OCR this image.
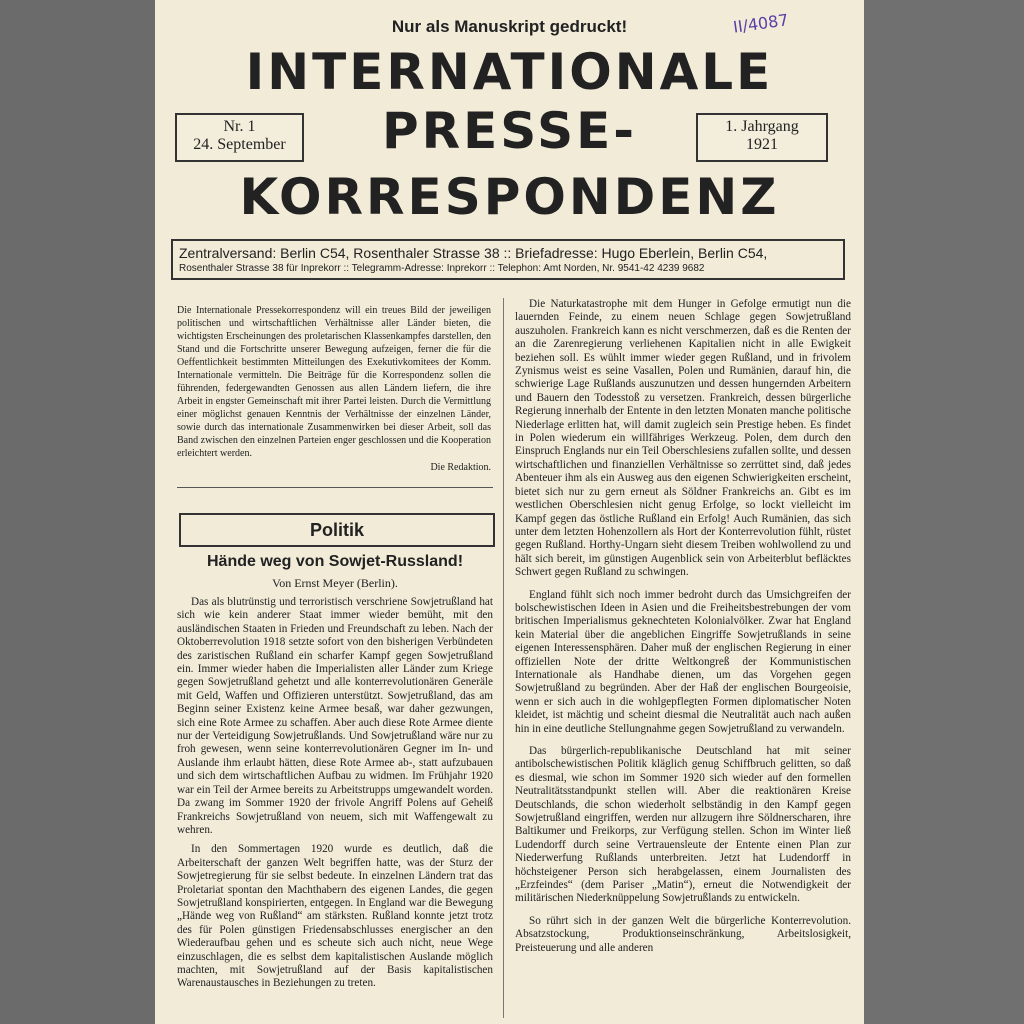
Nur als Manuskript gedruckt!	II/4087
INTERNATIONALE
PRESSE-
KORRESPONDENZ
Nr. 1
24. September
1. Jahrgang
1921
Zentralversand: Berlin C54, Rosenthaler Strasse 38 :: Briefadresse: Hugo Eberlein, Berlin C54,
Rosenthaler Strasse 38 für Inprekorr :: Telegramm-Adresse: Inprekorr :: Telephon: Amt Norden, Nr. 9541-42 4239 9682
Die Internationale Pressekorrespondenz will ein treues Bild der jeweiligen politischen und wirtschaftlichen Verhältnisse aller Länder bieten, die wichtigsten Erscheinungen des proletarischen Klassenkampfes darstellen, den Stand und die Fortschritte unserer Bewegung aufzeigen, ferner die für die Oeffentlichkeit bestimmten Mitteilungen des Exekutivkomitees der Komm. Internationale vermitteln. Die Beiträge für die Korrespondenz sollen die führenden, federgewandten Genossen aus allen Ländern liefern, die ihre Arbeit in engster Gemeinschaft mit ihrer Partei leisten. Durch die Vermittlung einer möglichst genauen Kenntnis der Verhältnisse der einzelnen Länder, sowie durch das internationale Zusammenwirken bei dieser Arbeit, soll das Band zwischen den einzelnen Parteien enger geschlossen und die Kooperation erleichtert werden.
Die Redaktion.
Politik
Hände weg von Sowjet-Russland!
Von Ernst Meyer (Berlin).

Das als blutrünstig und terroristisch verschriene Sowjetrußland hat sich wie kein anderer Staat immer wieder bemüht, mit den ausländischen Staaten in Frieden und Freundschaft zu leben. Nach der Oktoberrevolution 1918 setzte sofort von den bisherigen Verbündeten des zaristischen Rußland ein scharfer Kampf gegen Sowjetrußland ein. Immer wieder haben die Imperialisten aller Länder zum Kriege gegen Sowjetrußland gehetzt und alle konterrevolutionären Generäle mit Geld, Waffen und Offizieren unterstützt. Sowjetrußland, das am Beginn seiner Existenz keine Armee besaß, war daher gezwungen, sich eine Rote Armee zu schaffen. Aber auch diese Rote Armee diente nur der Verteidigung Sowjetrußlands. Und Sowjetrußland wäre nur zu froh gewesen, wenn seine konterrevolutionären Gegner im In- und Auslande ihm erlaubt hätten, diese Rote Armee ab-, statt aufzubauen und sich dem wirtschaftlichen Aufbau zu widmen. Im Frühjahr 1920 war ein Teil der Armee bereits zu Arbeitstrupps umgewandelt worden. Da zwang im Sommer 1920 der frivole Angriff Polens auf Geheiß Frankreichs Sowjetrußland von neuem, sich mit Waffengewalt zu wehren.

In den Sommertagen 1920 wurde es deutlich, daß die Arbeiterschaft der ganzen Welt begriffen hatte, was der Sturz der Sowjetregierung für sie selbst bedeute. In einzelnen Ländern trat das Proletariat spontan den Machthabern des eigenen Landes, die gegen Sowjetrußland konspirierten, entgegen. In England war die Bewegung „Hände weg von Rußland“ am stärksten. Rußland konnte jetzt trotz des für Polen günstigen Friedensabschlusses energischer an den Wiederaufbau gehen und es scheute sich auch nicht, neue Wege einzuschlagen, die es selbst dem kapitalistischen Auslande möglich machten, mit Sowjetrußland auf der Basis kapitalistischen Warenaustausches in Beziehungen zu treten.

Die Naturkatastrophe mit dem Hunger in Gefolge ermutigt nun die lauernden Feinde, zu einem neuen Schlage gegen Sowjetrußland auszuholen. Frankreich kann es nicht verschmerzen, daß es die Renten der an die Zarenregierung verliehenen Kapitalien nicht in alle Ewigkeit beziehen soll. Es wühlt immer wieder gegen Rußland, und in frivolem Zynismus weist es seine Vasallen, Polen und Rumänien, darauf hin, die schwierige Lage Rußlands auszunutzen und dessen hungernden Arbeitern und Bauern den Todesstoß zu versetzen. Frankreich, dessen bürgerliche Regierung innerhalb der Entente in den letzten Monaten manche politische Niederlage erlitten hat, will damit zugleich sein Prestige heben. Es findet in Polen wiederum ein willfähriges Werkzeug. Polen, dem durch den Einspruch Englands nur ein Teil Oberschlesiens zufallen sollte, und dessen wirtschaftlichen und finanziellen Verhältnisse so zerrüttet sind, daß jedes Abenteuer ihm als ein Ausweg aus den eigenen Schwierigkeiten erscheint, bietet sich nur zu gern erneut als Söldner Frankreichs an. Gibt es im westlichen Oberschlesien nicht genug Erfolge, so lockt vielleicht im Kampf gegen das östliche Rußland ein Erfolg! Auch Rumänien, das sich unter dem letzten Hohenzollern als Hort der Konterrevolution fühlt, rüstet gegen Rußland. Horthy-Ungarn sieht diesem Treiben wohlwollend zu und hält sich bereit, im günstigen Augenblick sein von Arbeiterblut befläcktes Schwert gegen Rußland zu schwingen.

England fühlt sich noch immer bedroht durch das Umsichgreifen der bolschewistischen Ideen in Asien und die Freiheitsbestrebungen der vom britischen Imperialismus geknechteten Kolonialvölker. Zwar hat England kein Material über die angeblichen Eingriffe Sowjetrußlands in seine eigenen Interessensphären. Daher muß der englischen Regierung in einer offiziellen Note der dritte Weltkongreß der Kommunistischen Internationale als Handhabe dienen, um das Vorgehen gegen Sowjetrußland zu begründen. Aber der Haß der englischen Bourgeoisie, wenn er sich auch in die wohlgepflegten Formen diplomatischer Noten kleidet, ist mächtig und scheint diesmal die Neutralität auch nach außen hin in eine deutliche Stellungnahme gegen Sowjetrußland zu verwandeln.

Das bürgerlich-republikanische Deutschland hat mit seiner antibolschewistischen Politik kläglich genug Schiffbruch gelitten, so daß es diesmal, wie schon im Sommer 1920 sich wieder auf den formellen Neutralitätsstandpunkt stellen will. Aber die reaktionären Kreise Deutschlands, die schon wiederholt selbständig in den Kampf gegen Sowjetrußland eingriffen, werden nur allzugern ihre Söldnerscharen, ihre Baltikumer und Freikorps, zur Verfügung stellen. Schon im Winter ließ Ludendorff durch seine Vertrauensleute der Entente einen Plan zur Niederwerfung Rußlands unterbreiten. Jetzt hat Ludendorff in höchsteigener Person sich herabgelassen, einem Journalisten des „Erzfeindes“ (dem Pariser „Matin“), erneut die Notwendigkeit der militärischen Niederknüppelung Sowjetrußlands zu entwickeln.

So rührt sich in der ganzen Welt die bürgerliche Konterrevolution. Absatzstockung, Produktionseinschränkung, Arbeitslosigkeit, Preisteuerung und alle anderen
